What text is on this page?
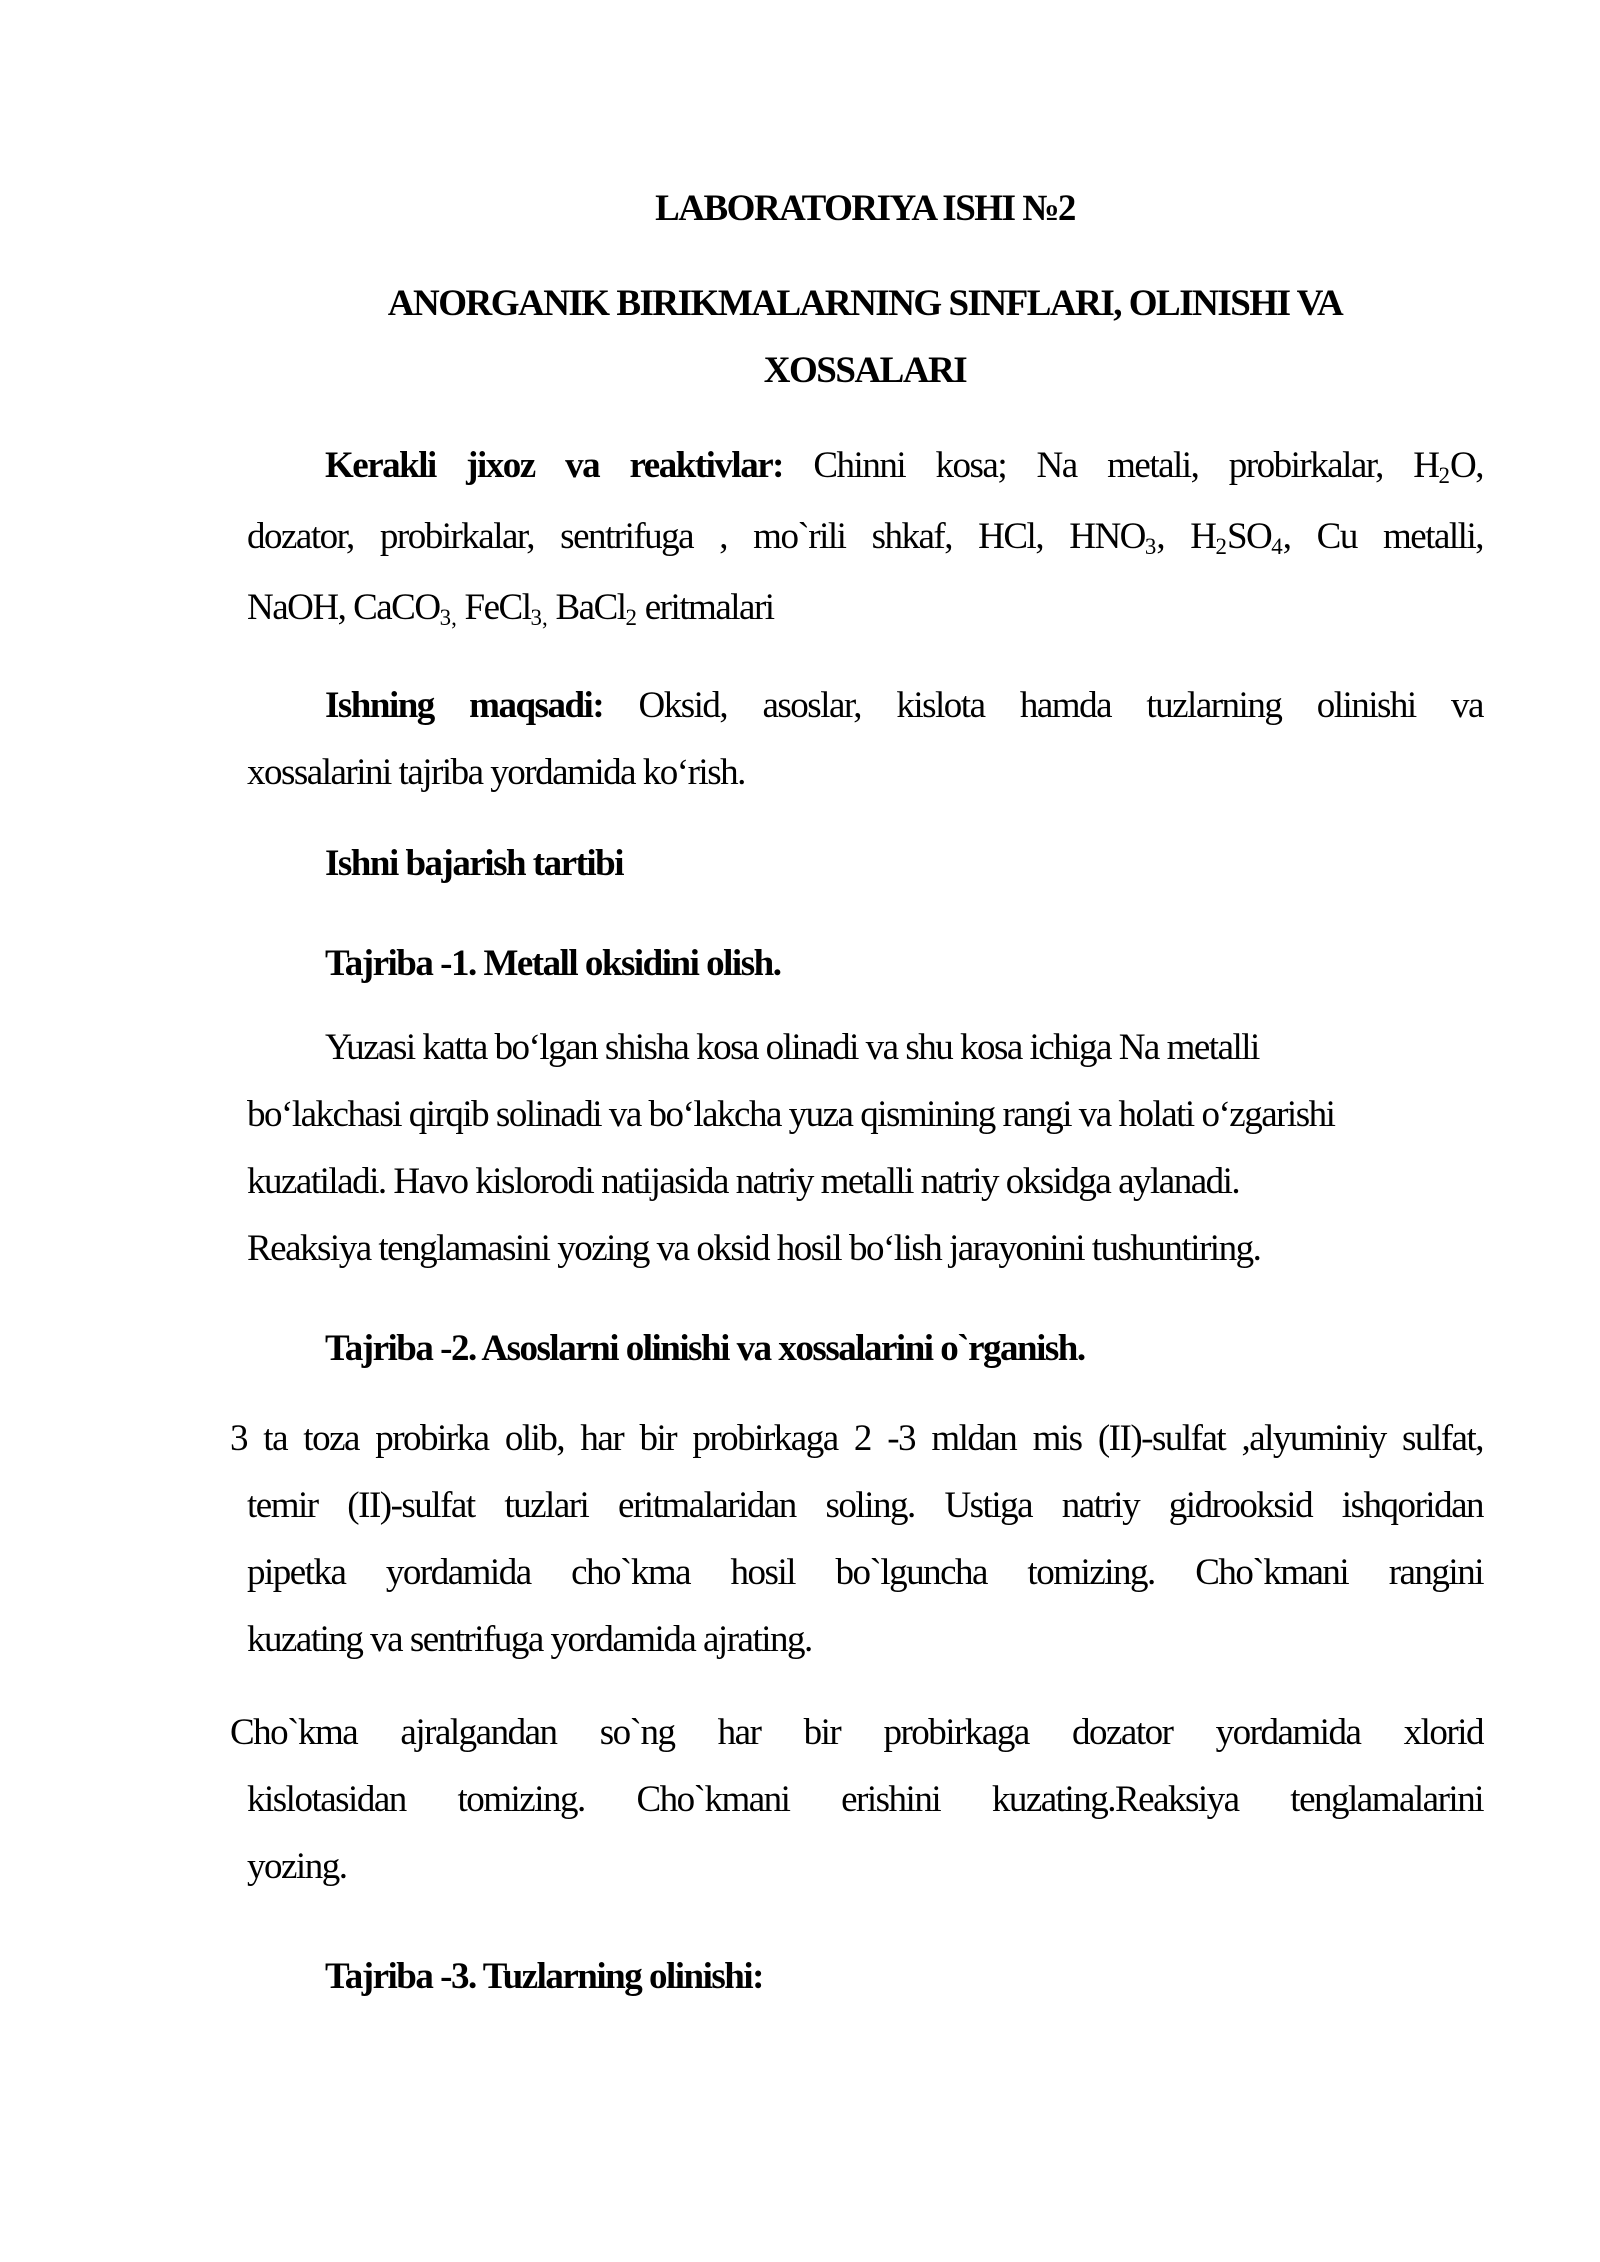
LABORATORIYA ISHI №2
ANORGANIK BIRIKMALARNING SINFLARI, OLINISHI VA
XOSSALARI
Kerakli jixoz va reaktivlar: Chinni kosa; Na metali, probirkalar, H2O,
dozator, probirkalar, sentrifuga , mo`rili shkaf, HCl, HNO3, H2SO4, Cu metalli,
NaOH, CaCO3, FeCl3, BaCl2 eritmalari
Ishning maqsadi: Oksid, asoslar, kislota hamda tuzlarning olinishi va
xossalarini tajriba yordamida koʻrish.
Ishni bajarish tartibi
Tajriba -1. Metall oksidini olish.
Yuzasi katta boʻlgan shisha kosa olinadi va shu kosa ichiga Na metalli
boʻlakchasi qirqib solinadi va boʻlakcha yuza qismining rangi va holati oʻzgarishi
kuzatiladi. Havo kislorodi natijasida natriy metalli natriy oksidga aylanadi.
Reaksiya tenglamasini yozing va oksid hosil boʻlish jarayonini tushuntiring.
Tajriba -2. Asoslarni olinishi va xossalarini o`rganish.
3 ta toza probirka olib, har bir probirkaga 2 -3 mldan mis (II)-sulfat ,alyuminiy sulfat,
temir (II)-sulfat tuzlari eritmalaridan soling. Ustiga natriy gidrooksid ishqoridan
pipetka yordamida cho`kma hosil bo`lguncha tomizing. Cho`kmani rangini
kuzating va sentrifuga yordamida ajrating.
Cho`kma ajralgandan so`ng har bir probirkaga dozator yordamida xlorid
kislotasidan tomizing. Cho`kmani erishini kuzating.Reaksiya tenglamalarini
yozing.
Tajriba -3. Tuzlarning olinishi:
